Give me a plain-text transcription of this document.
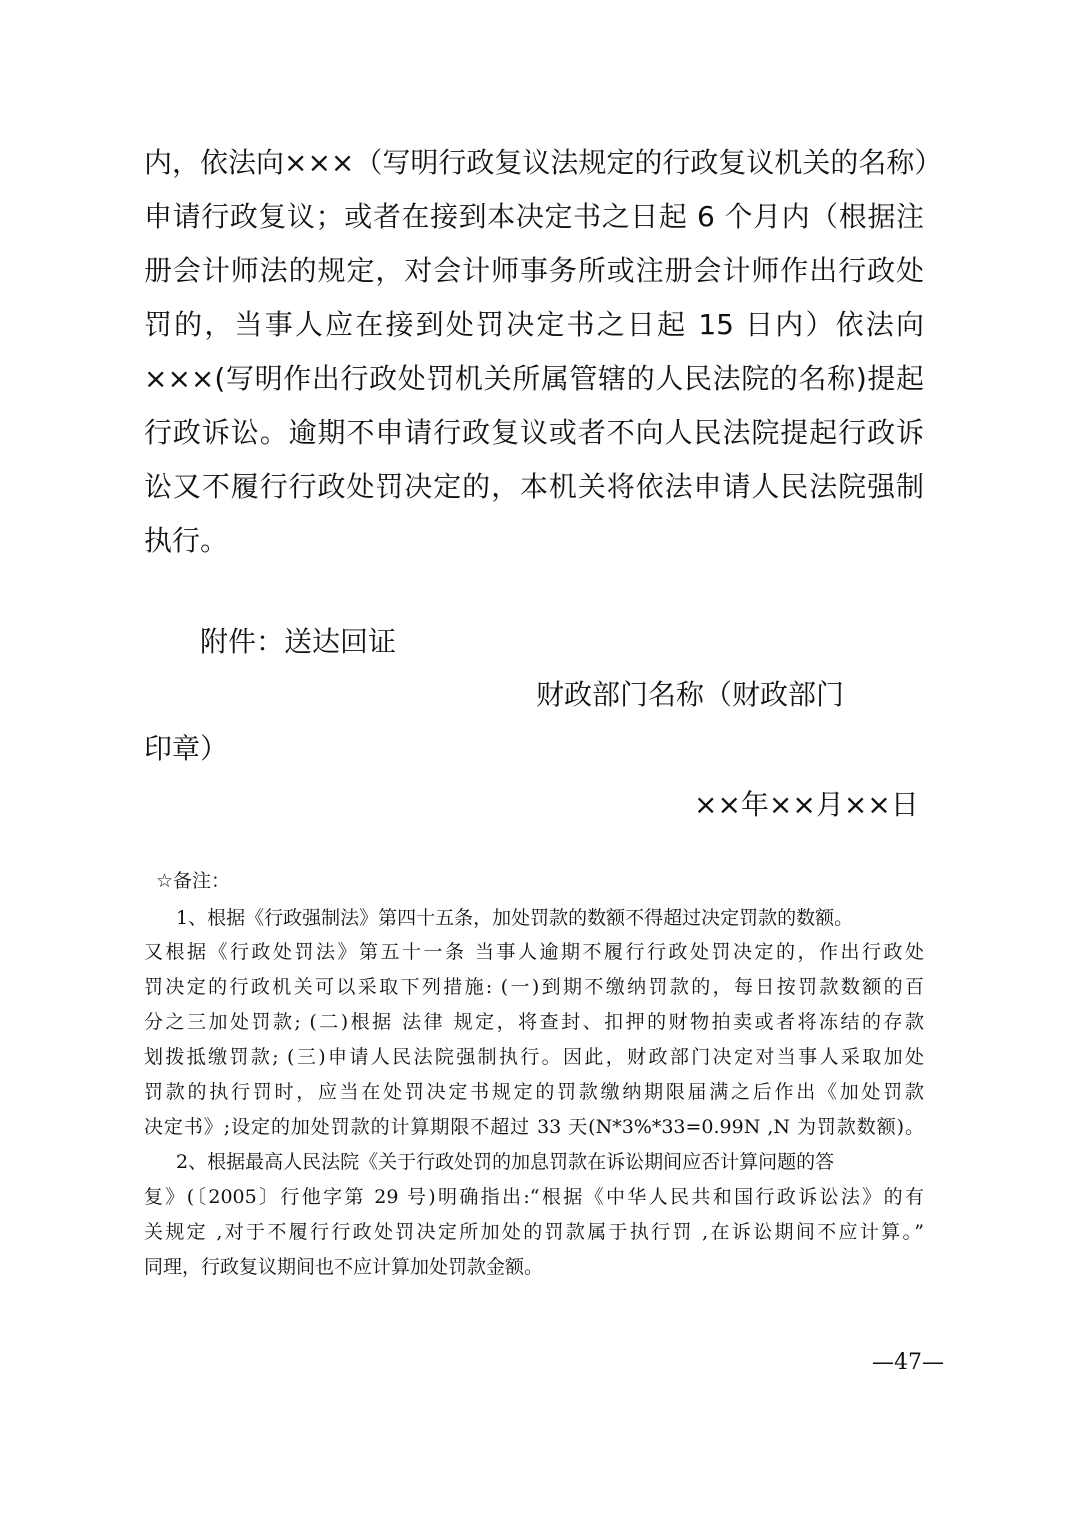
内，依法向×××（写明行政复议法规定的行政复议机关的名称）
申请行政复议；或者在接到本决定书之日起 6 个月内（根据注
册会计师法的规定，对会计师事务所或注册会计师作出行政处
罚的，当事人应在接到处罚决定书之日起 15 日内）依法向
×××(写明作出行政处罚机关所属管辖的人民法院的名称)提起
行政诉讼。逾期不申请行政复议或者不向人民法院提起行政诉
讼又不履行行政处罚决定的，本机关将依法申请人民法院强制
执行。
附件：送达回证
财政部门名称（财政部门
印章）
××年××月××日
☆备注：
1、根据《行政强制法》第四十五条，加处罚款的数额不得超过决定罚款的数额。
又根据《行政处罚法》第五十一条 当事人逾期不履行行政处罚决定的，作出行政处
罚决定的行政机关可以采取下列措施: (一)到期不缴纳罚款的，每日按罚款数额的百
分之三加处罚款; (二)根据 法律 规定，将查封、扣押的财物拍卖或者将冻结的存款
划拨抵缴罚款; (三)申请人民法院强制执行。因此，财政部门决定对当事人采取加处
罚款的执行罚时，应当在处罚决定书规定的罚款缴纳期限届满之后作出《加处罚款
决定书》;设定的加处罚款的计算期限不超过 33 天(N*3%*33=0.99N ,N 为罚款数额)。
2、根据最高人民法院《关于行政处罚的加息罚款在诉讼期间应否计算问题的答
复》(〔2005〕行他字第 29 号)明确指出:“根据《中华人民共和国行政诉讼法》的有
关规定 ,对于不履行行政处罚决定所加处的罚款属于执行罚 ,在诉讼期间不应计算。”
同理，行政复议期间也不应计算加处罚款金额。
—47—
